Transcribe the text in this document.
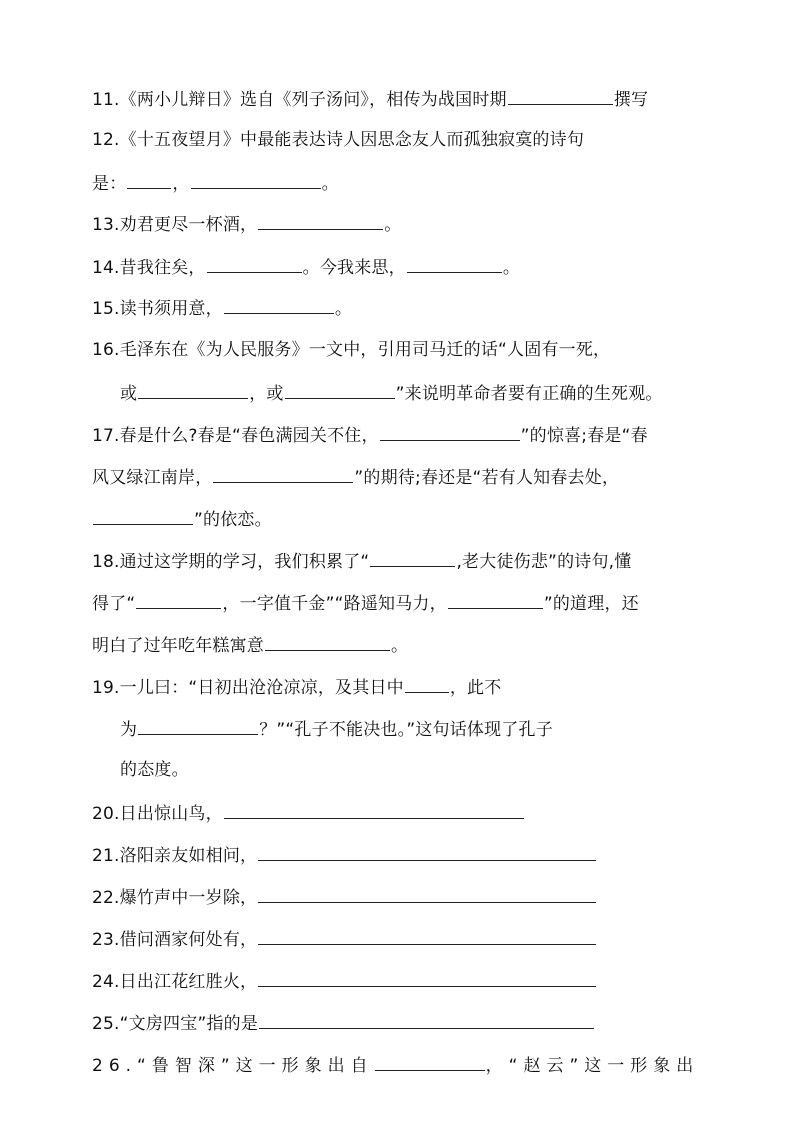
11.《两小儿辩日》选自《列子汤问》，相传为战国时期	撰写
12.《十五夜望月》中最能表达诗人因思念友人而孤独寂寞的诗句
是：	，	。
13.劝君更尽一杯酒，	。
14.昔我往矣，	。今我来思，	。
15.读书须用意，	。
16.毛泽东在《为人民服务》一文中，引用司马迁的话“人固有一死，
或	，或	”来说明革命者要有正确的生死观。
17.春是什么?春是“春色满园关不住，	”的惊喜;春是“春
风又绿江南岸，	”的期待;春还是“若有人知春去处，
”的依恋。
18.通过这学期的学习，我们积累了“	,老大徒伤悲”的诗句,懂
得了“	，一字值千金”“路遥知马力，	”的道理，还
明白了过年吃年糕寓意	。
19.一儿曰：“日初出沧沧凉凉，及其日中	，此不
为	？”“孔子不能决也。”这句话体现了孔子
的态度。
20.日出惊山鸟，
21.洛阳亲友如相问，
22.爆竹声中一岁除，
23.借问酒家何处有，
24.日出江花红胜火，
25.“文房四宝”指的是
26.“鲁智深”这一形象出自	，“赵云”这一形象出
